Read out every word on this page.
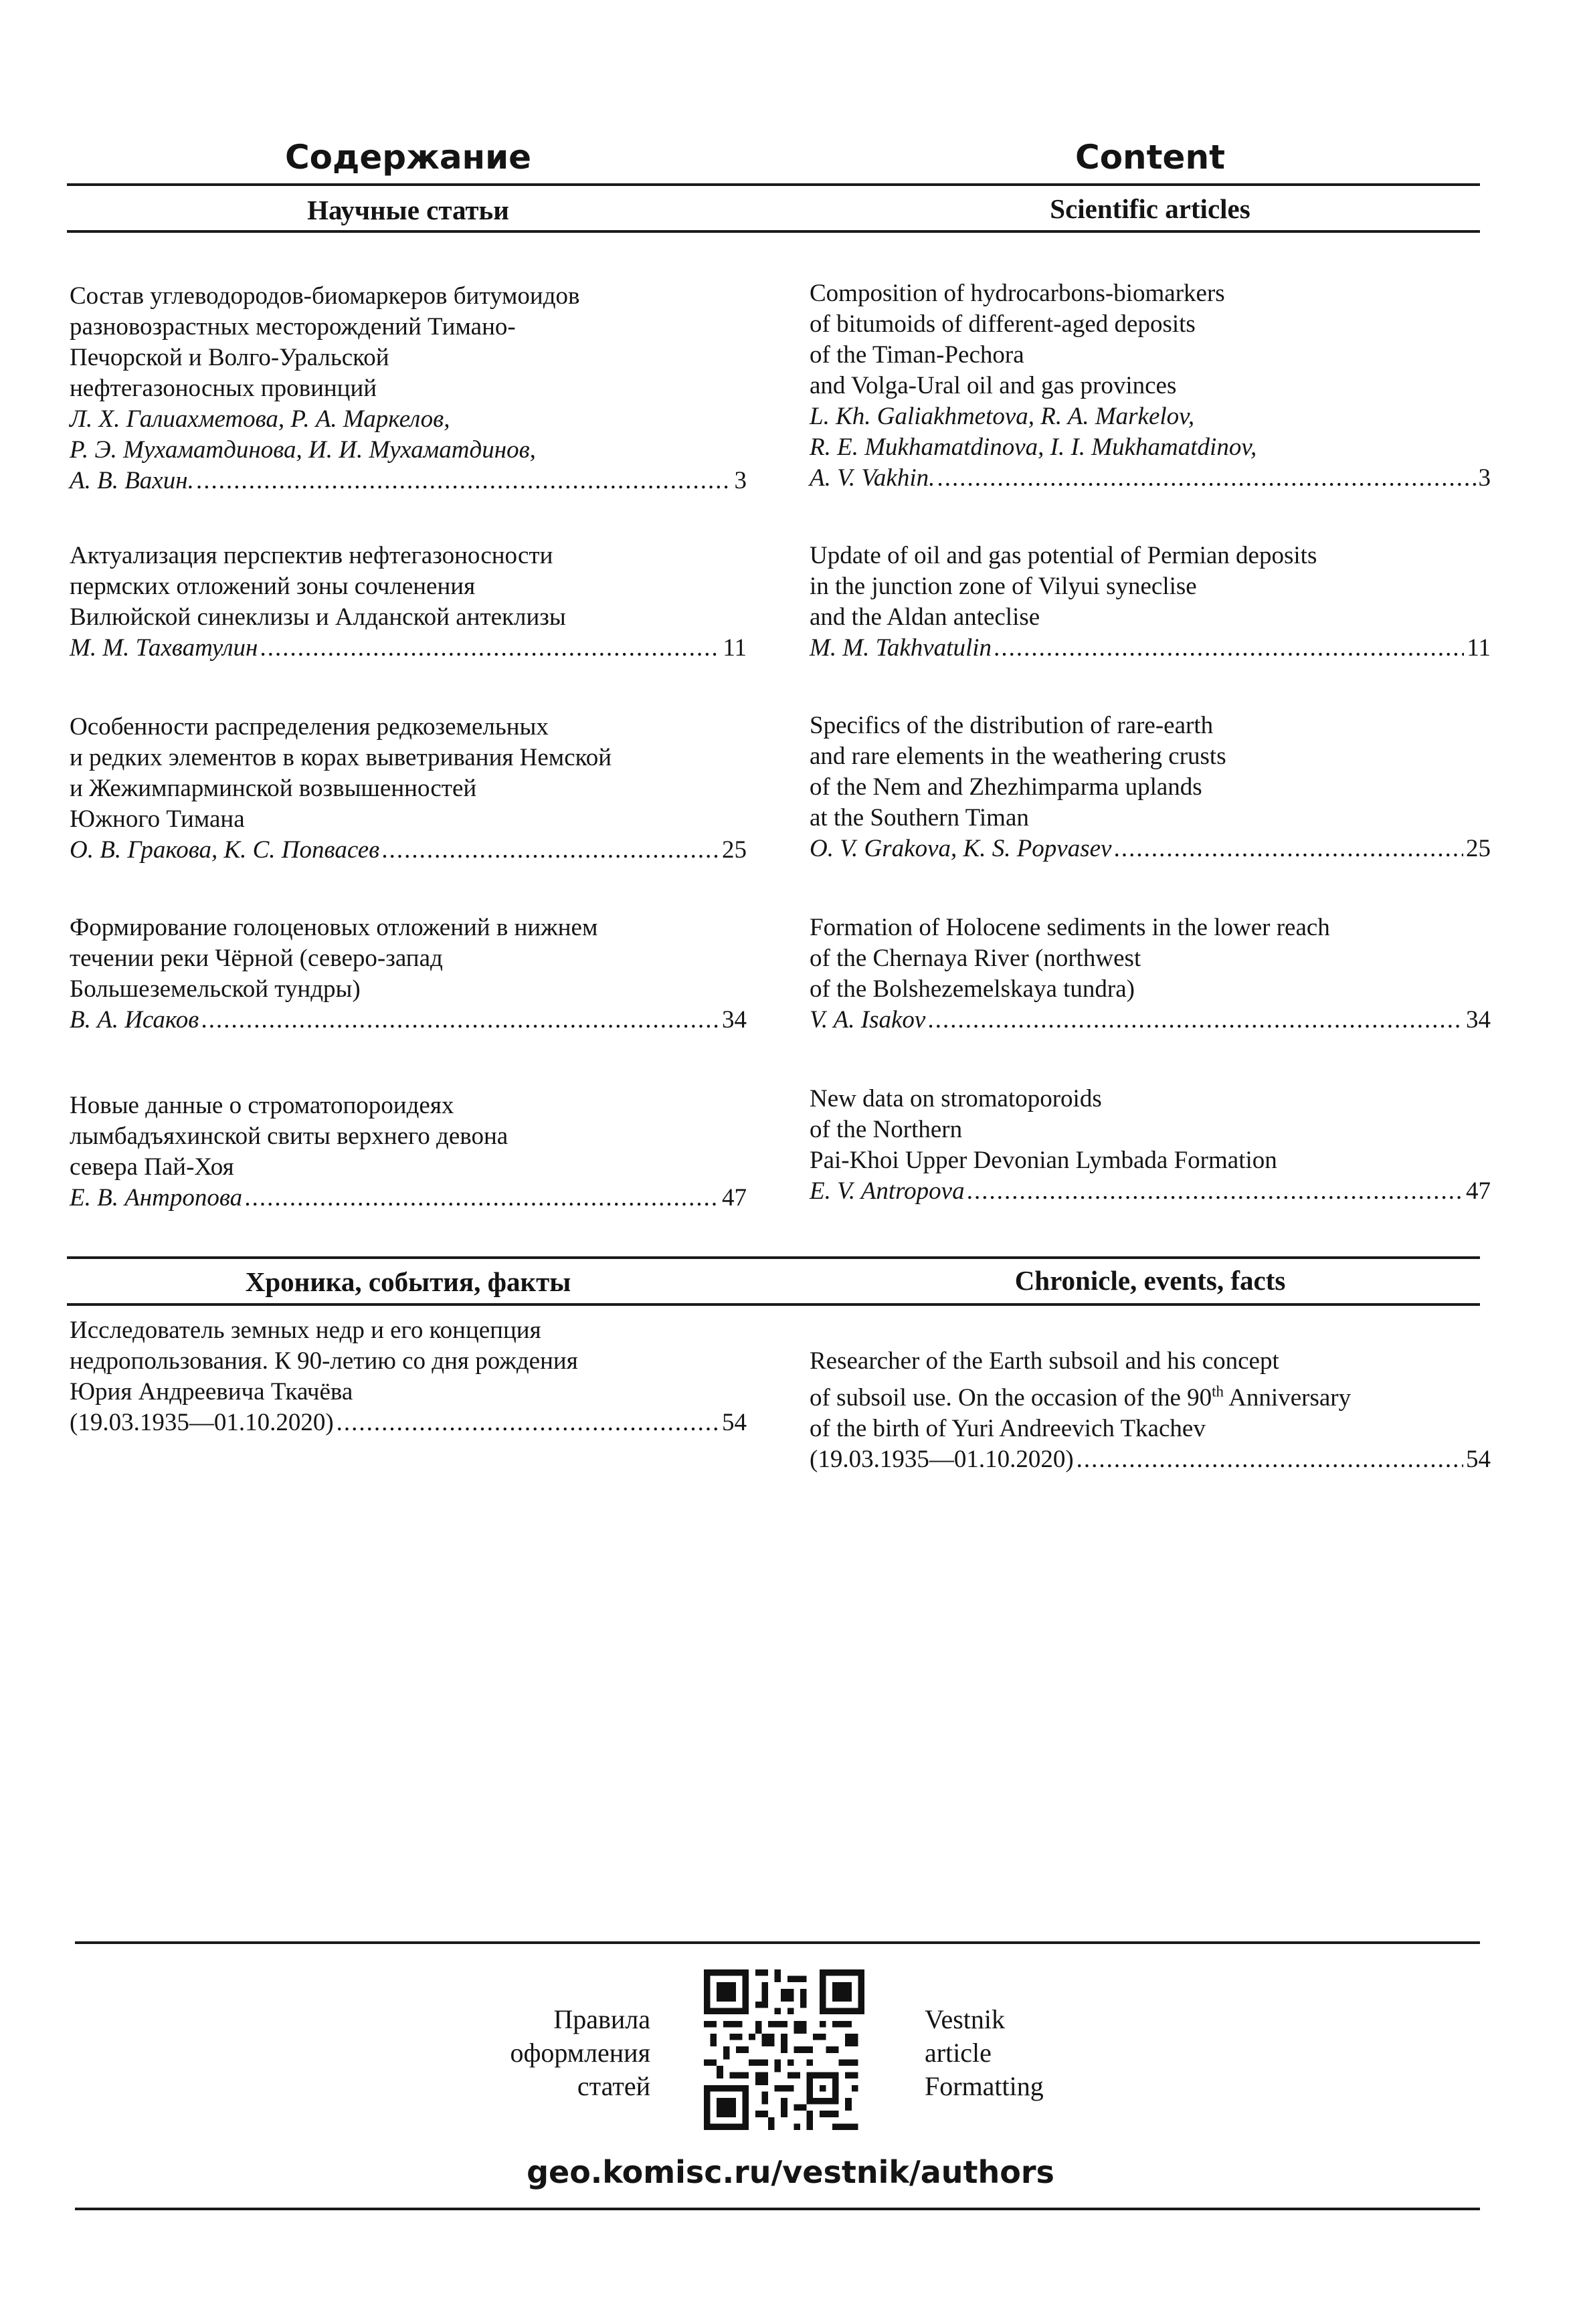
Содержание	Content
Научные статьи	Scientific articles

Состав углеводородов-биомаркеров битумоидов
разновозрастных месторождений Тимано-
Печорской и Волго-Уральской
нефтегазоносных провинций

Л. Х. Галиахметова, Р. А. Маркелов,
Р. Э. Мухаматдинова, И. И. Мухаматдинов,

А. В. Вахин. .....	3

Composition of hydrocarbons-biomarkers
of bitumoids of different-aged deposits
of the Timan-Pechora
and Volga-Ural oil and gas provinces

L. Kh. Galiakhmetova, R. A. Markelov,
R. E. Mukhamatdinova, I. I. Mukhamatdinov,

A. V. Vakhin. .....	3

Актуализация перспектив нефтегазоносности
пермских отложений зоны сочленения
Вилюйской синеклизы и Алданской антеклизы

М. М. Тахватулин .....	11

Update of oil and gas potential of Permian deposits
in the junction zone of Vilyui syneclise
and the Aldan anteclise

M. M. Takhvatulin .....	11

Особенности распределения редкоземельных
и редких элементов в корах выветривания Немской
и Жежимпарминской возвышенностей
Южного Тимана

О. В. Гракова, К. С. Попвасев .....	25

Specifics of the distribution of rare-earth
and rare elements in the weathering crusts
of the Nem and Zhezhimparma uplands
at the Southern Timan

O. V. Grakova, K. S. Popvasev .....	25

Формирование голоценовых отложений в нижнем
течении реки Чёрной (северо-запад
Большеземельской тундры)

В. А. Исаков .....	34

Formation of Holocene sediments in the lower reach
of the Chernaya River (northwest
of the Bolshezemelskaya tundra)

V. A. Isakov .....	34

Новые данные о строматопороидеях
лымбадъяхинской свиты верхнего девона
севера Пай-Хоя

Е. В. Антропова .....	47

New data on stromatoporoids
of the Northern
Pai-Khoi Upper Devonian Lymbada Formation

E. V. Antropova .....	47
Хроника, события, факты	Chronicle, events, facts

Исследователь земных недр и его концепция
недропользования. К 90-летию со дня рождения
Юрия Андреевича Ткачёва

(19.03.1935—01.10.2020) .....	54

Researcher of the Earth subsoil and his concept
of subsoil use. On the occasion of the 90th Anniversary
of the birth of Yuri Andreevich Tkachev

(19.03.1935—01.10.2020) .....	54
Правила
оформления
статей
Vestnik
article
Formatting
geo.komisc.ru/vestnik/authors
